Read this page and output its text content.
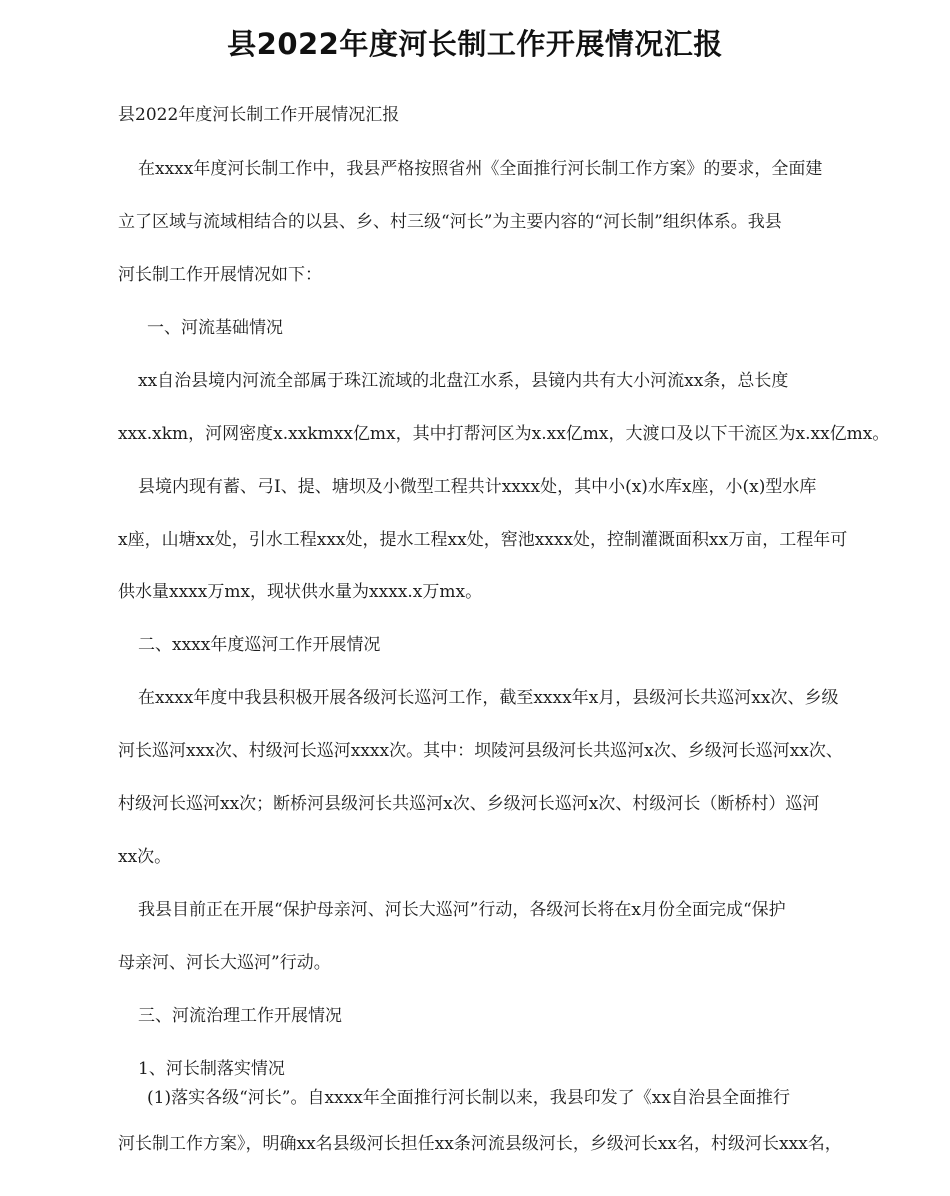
县2022年度河长制工作开展情况汇报
县2022年度河长制工作开展情况汇报
在xxxx年度河长制工作中，我县严格按照省州《全面推行河长制工作方案》的要求，全面建
立了区域与流域相结合的以县、乡、村三级“河长”为主要内容的“河长制”组织体系。我县
河长制工作开展情况如下：
一、河流基础情况
xx自治县境内河流全部属于珠江流域的北盘江水系，县镜内共有大小河流xx条，总长度
xxx.xkm，河网密度x.xxkmxx亿mx，其中打帮河区为x.xx亿mx，大渡口及以下干流区为x.xx亿mx。
县境内现有蓄、弓I、提、塘坝及小微型工程共计xxxx处，其中小(x)水库x座，小(x)型水库
x座，山塘xx处，引水工程xxx处，提水工程xx处，窖池xxxx处，控制灌溉面积xx万亩，工程年可
供水量xxxx万mx，现状供水量为xxxx.x万mx。
二、xxxx年度巡河工作开展情况
在xxxx年度中我县积极开展各级河长巡河工作，截至xxxx年x月，县级河长共巡河xx次、乡级
河长巡河xxx次、村级河长巡河xxxx次。其中：坝陵河县级河长共巡河x次、乡级河长巡河xx次、
村级河长巡河xx次；断桥河县级河长共巡河x次、乡级河长巡河x次、村级河长（断桥村）巡河
xx次。
我县目前正在开展“保护母亲河、河长大巡河”行动，各级河长将在x月份全面完成“保护
母亲河、河长大巡河”行动。
三、河流治理工作开展情况
1、河长制落实情况
(1)落实各级“河长”。自xxxx年全面推行河长制以来，我县印发了《xx自治县全面推行
河长制工作方案》，明确xx名县级河长担任xx条河流县级河长，乡级河长xx名，村级河长xxx名，
